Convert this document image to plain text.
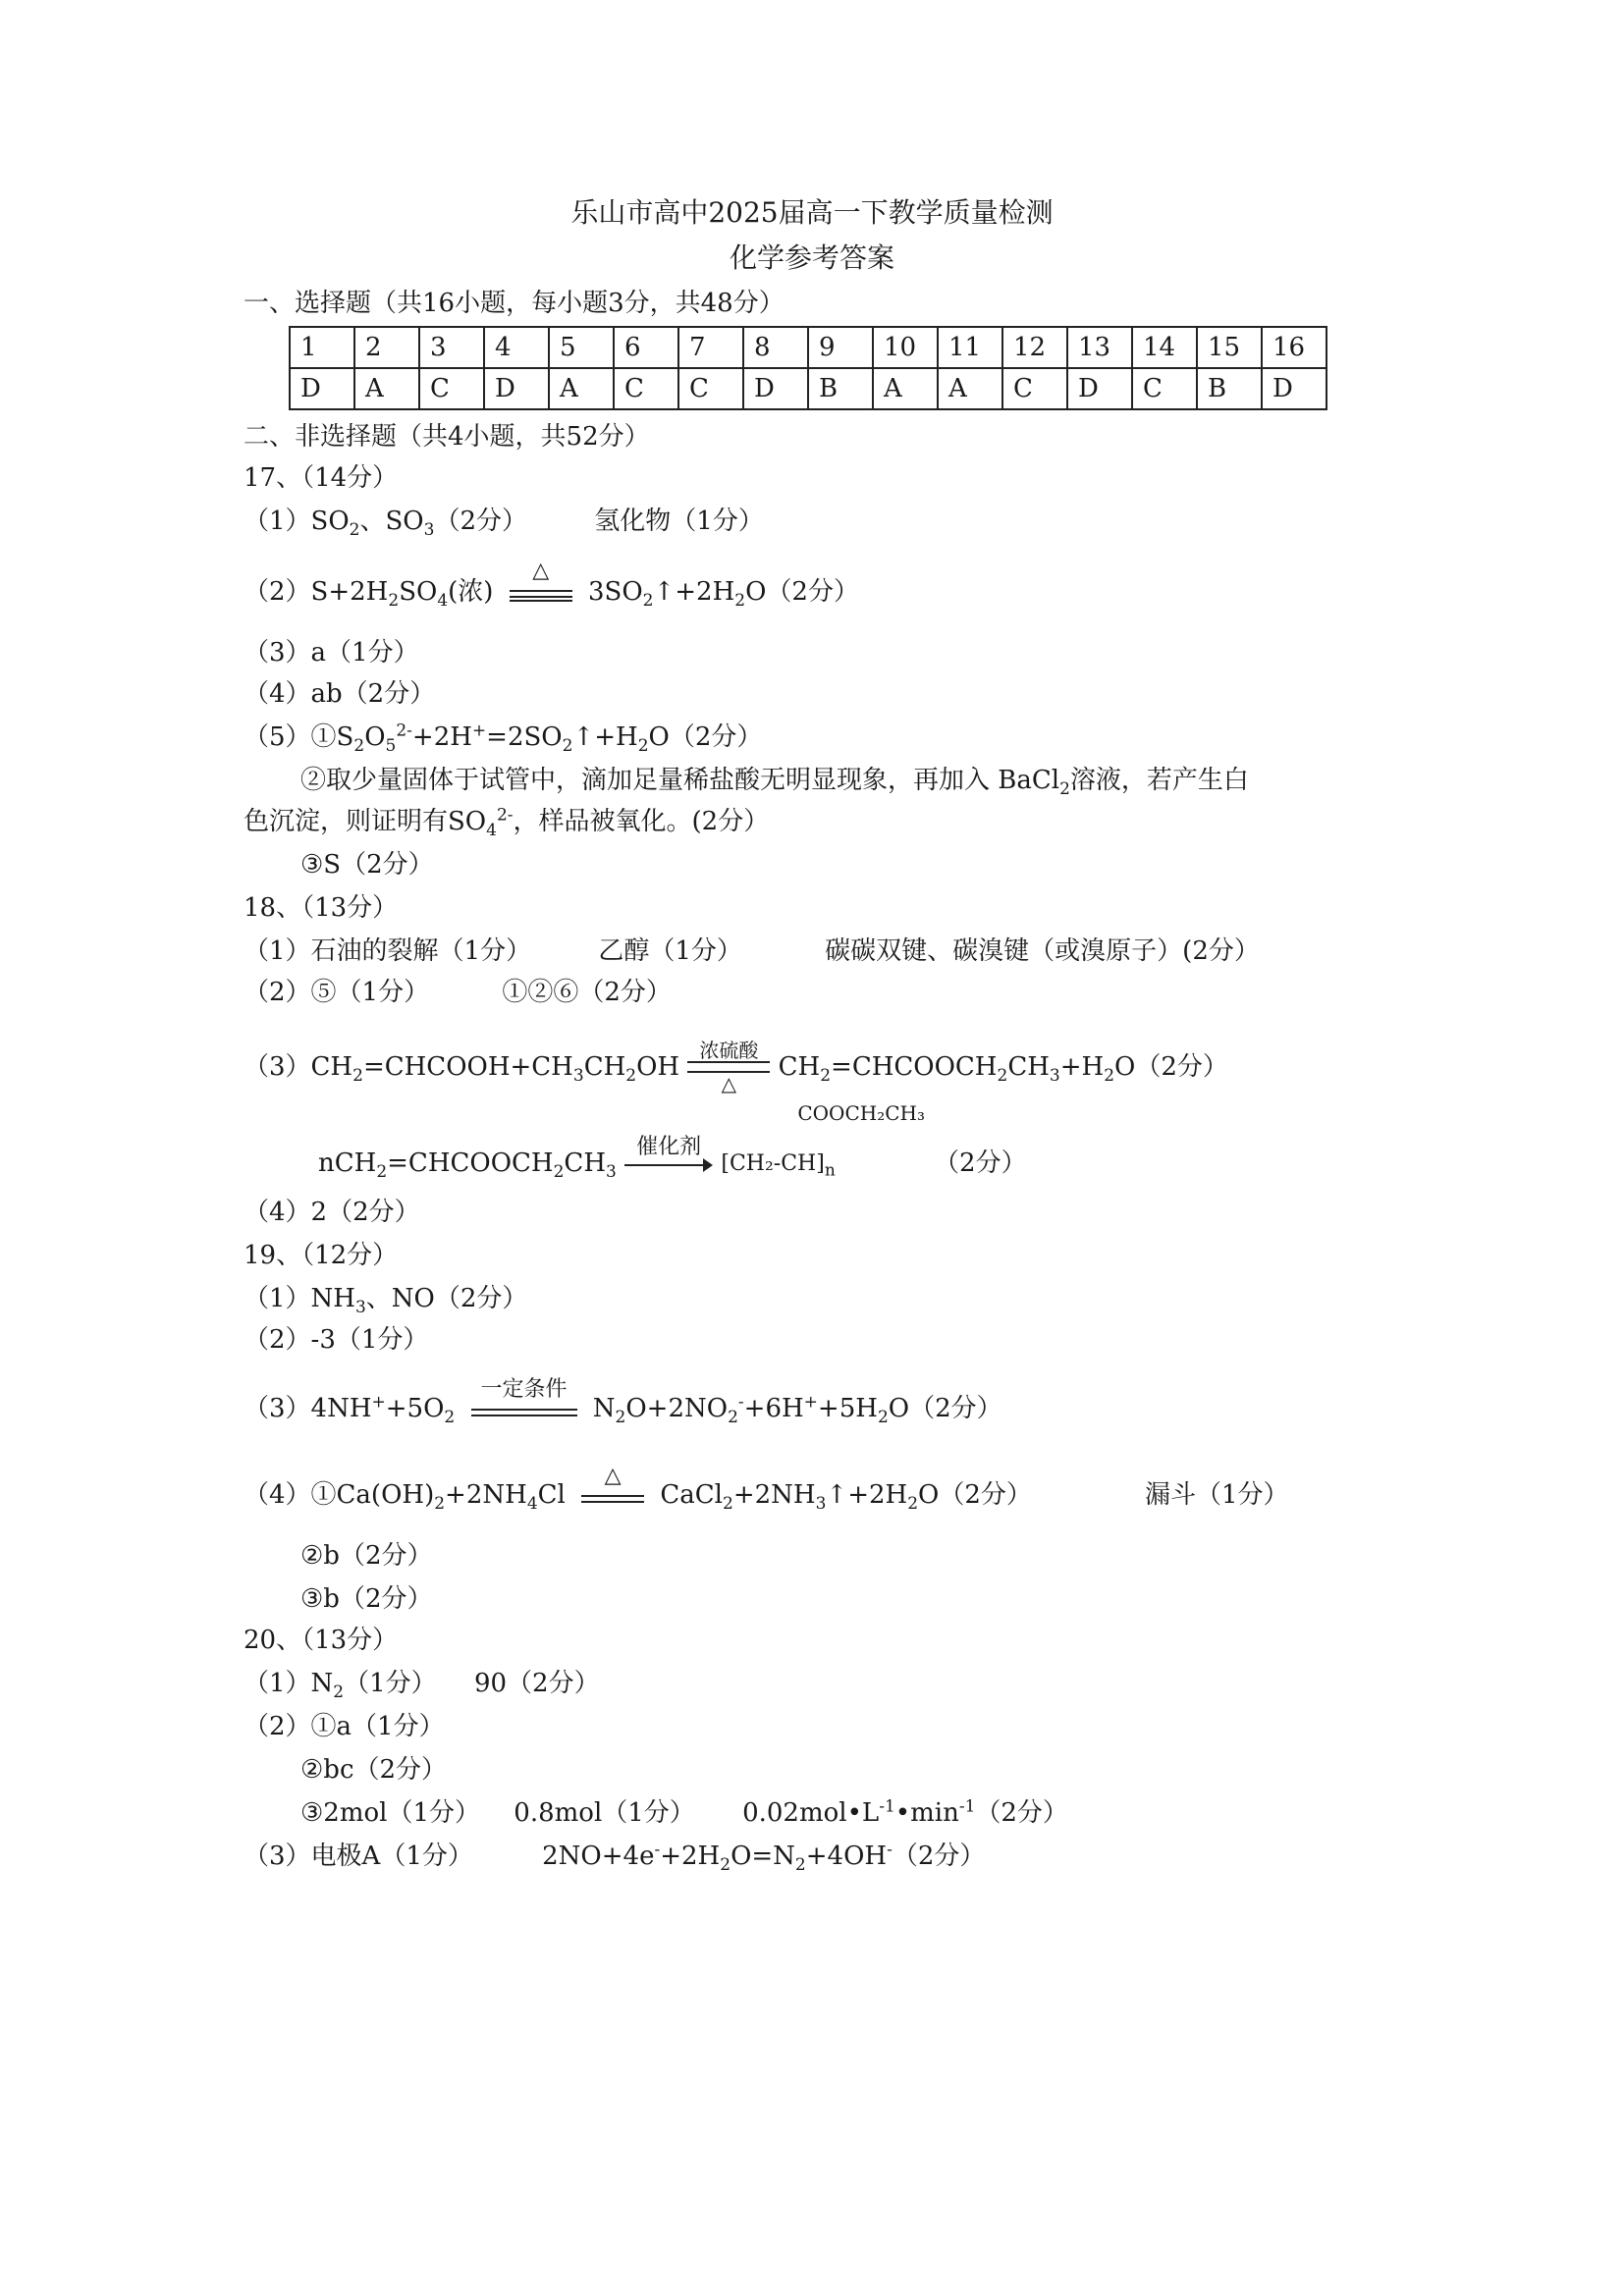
乐山市高中2025届高一下教学质量检测
化学参考答案
一、选择题（共16小题，每小题3分，共48分）
1	2	3	4	5	6	7	8	9	10	11	12	13	14	15	16
D	A	C	D	A	C	C	D	B	A	A	C	D	C	B	D
二、非选择题（共4小题，共52分）
17、（14分）
$(1)SO_2$、$SO_3(2$分）	氢化物（1分）
$(2)S+2H_2SO_4$(浓)
△
$3SO_2↑+2H_2O(2$分）
（3）a（1分）
（4）ab（2分）
$(5)①S_2O_5^{2-}+2H^+=2SO_2↑+H_2O(2$分）
②取少量固体于试管中，滴加足量稀盐酸无明显现象，再加入 BaCl$_2$溶液，若产生白
色沉淀，则证明有$SO_4^{2-}$，样品被氧化。(2分）
③S（2分）
18、（13分）
（1）石油的裂解（1分）	乙醇（1分）	碳碳双键、碳溴键（或溴原子）(2分）
（2）⑤（1分）	①②⑥（2分）
$(3)CH_2=CHCOOH+CH_3CH_2OH$
浓硫酸
△
$CH_2=CHCOOCH_2CH_3+H_2O(2$分）
$nCH_2=CHCOOCH_2CH_3$
催化剂

COOCH₂CH₃
$[CH_2-CH]_n$	（2分）
（4）2（2分）
19、（12分）
$(1)NH_3$、NO（2分）
（2）-3（1分）
$(3)4NH^++5O_2$
一定条件
$N_2O+2NO_2^-+6H^++5H_2O(2$分）
$(4)①Ca(OH)_2+2NH_4Cl$
△
$CaCl_2+2NH_3↑+2H_2O(2$分）	漏斗（1分）
②b（2分）
③b（2分）
20、（13分）
$(1)N_2(1$分） 90（2分）
（2）①a（1分）
②bc（2分）
③2mol（1分） 0.8mol（1分） $0.02mol•L^{-1}•\min^{-1}(2$分）
（3）电极A（1分）	$2NO+4e^-+2H_2O=N_2+4OH^-(2$分）
